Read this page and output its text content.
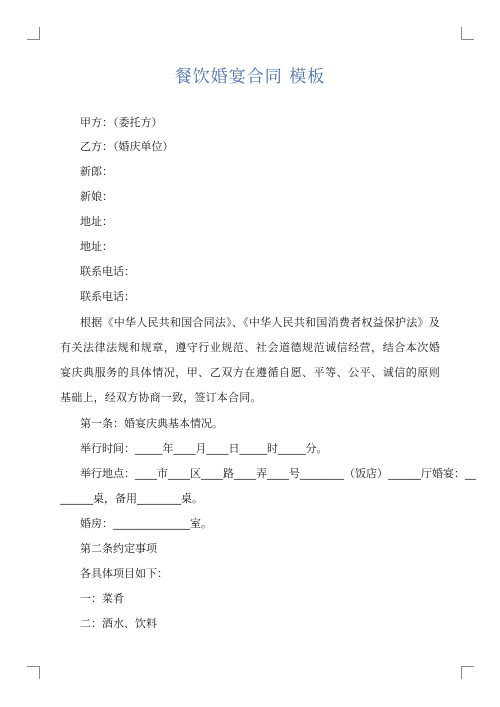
餐饮婚宴合同 模板
甲方：（委托方）
乙方：（婚庆单位）
新郎：
新娘：
地址：
地址：
联系电话：
联系电话：
根据《中华人民共和国合同法》、《中华人民共和国消费者权益保护法》及有关法律法规和规章，遵守行业规范、社会道德规范诚信经营，结合本次婚宴庆典服务的具体情况，甲、乙双方在遵循自愿、平等、公平、诚信的原则基础上，经双方协商一致，签订本合同。
第一条：婚宴庆典基本情况。
举行时间：_____年____月____日_____时_____分。
举行地点：____市____区____路____弄____号________（饭店）______厅婚宴：__
______桌，备用________桌。
婚房：______________室。
第二条约定事项
各具体项目如下：
一：菜肴
二：酒水、饮料
